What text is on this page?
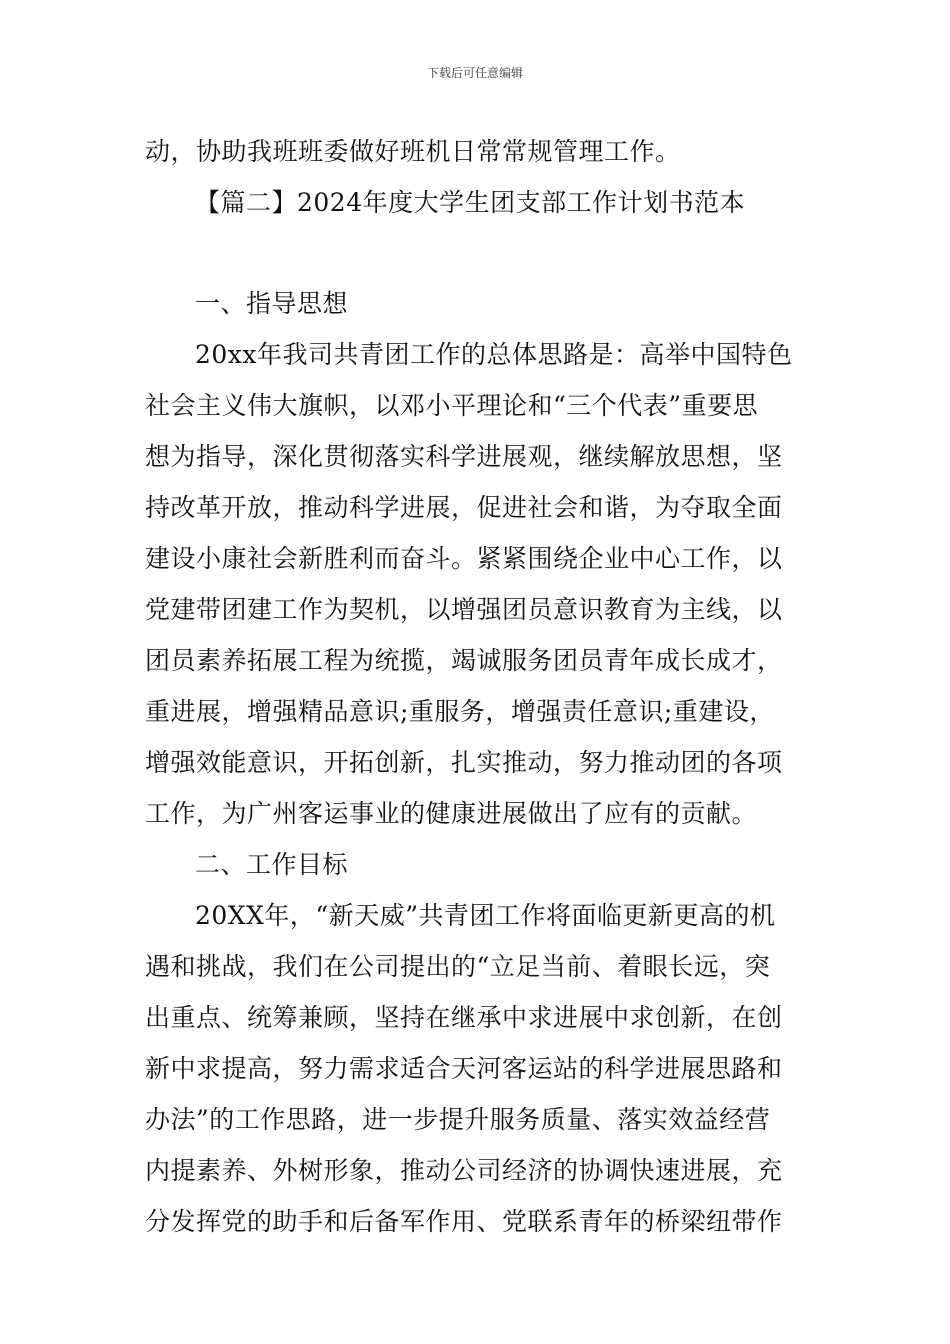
下载后可任意编辑
动，协助我班班委做好班机日常常规管理工作。
【篇二】2024年度大学生团支部工作计划书范本
一、指导思想
20xx年我司共青团工作的总体思路是：高举中国特色
社会主义伟大旗帜，以邓小平理论和“三个代表”重要思
想为指导，深化贯彻落实科学进展观，继续解放思想，坚
持改革开放，推动科学进展，促进社会和谐，为夺取全面
建设小康社会新胜利而奋斗。紧紧围绕企业中心工作，以
党建带团建工作为契机，以增强团员意识教育为主线，以
团员素养拓展工程为统揽，竭诚服务团员青年成长成才，
重进展，增强精品意识;重服务，增强责任意识;重建设，
增强效能意识，开拓创新，扎实推动，努力推动团的各项
工作，为广州客运事业的健康进展做出了应有的贡献。
二、工作目标
20XX年，“新天威”共青团工作将面临更新更高的机
遇和挑战，我们在公司提出的“立足当前、着眼长远，突
出重点、统筹兼顾，坚持在继承中求进展中求创新，在创
新中求提高，努力需求适合天河客运站的科学进展思路和
办法”的工作思路，进一步提升服务质量、落实效益经营
内提素养、外树形象，推动公司经济的协调快速进展，充
分发挥党的助手和后备军作用、党联系青年的桥梁纽带作
